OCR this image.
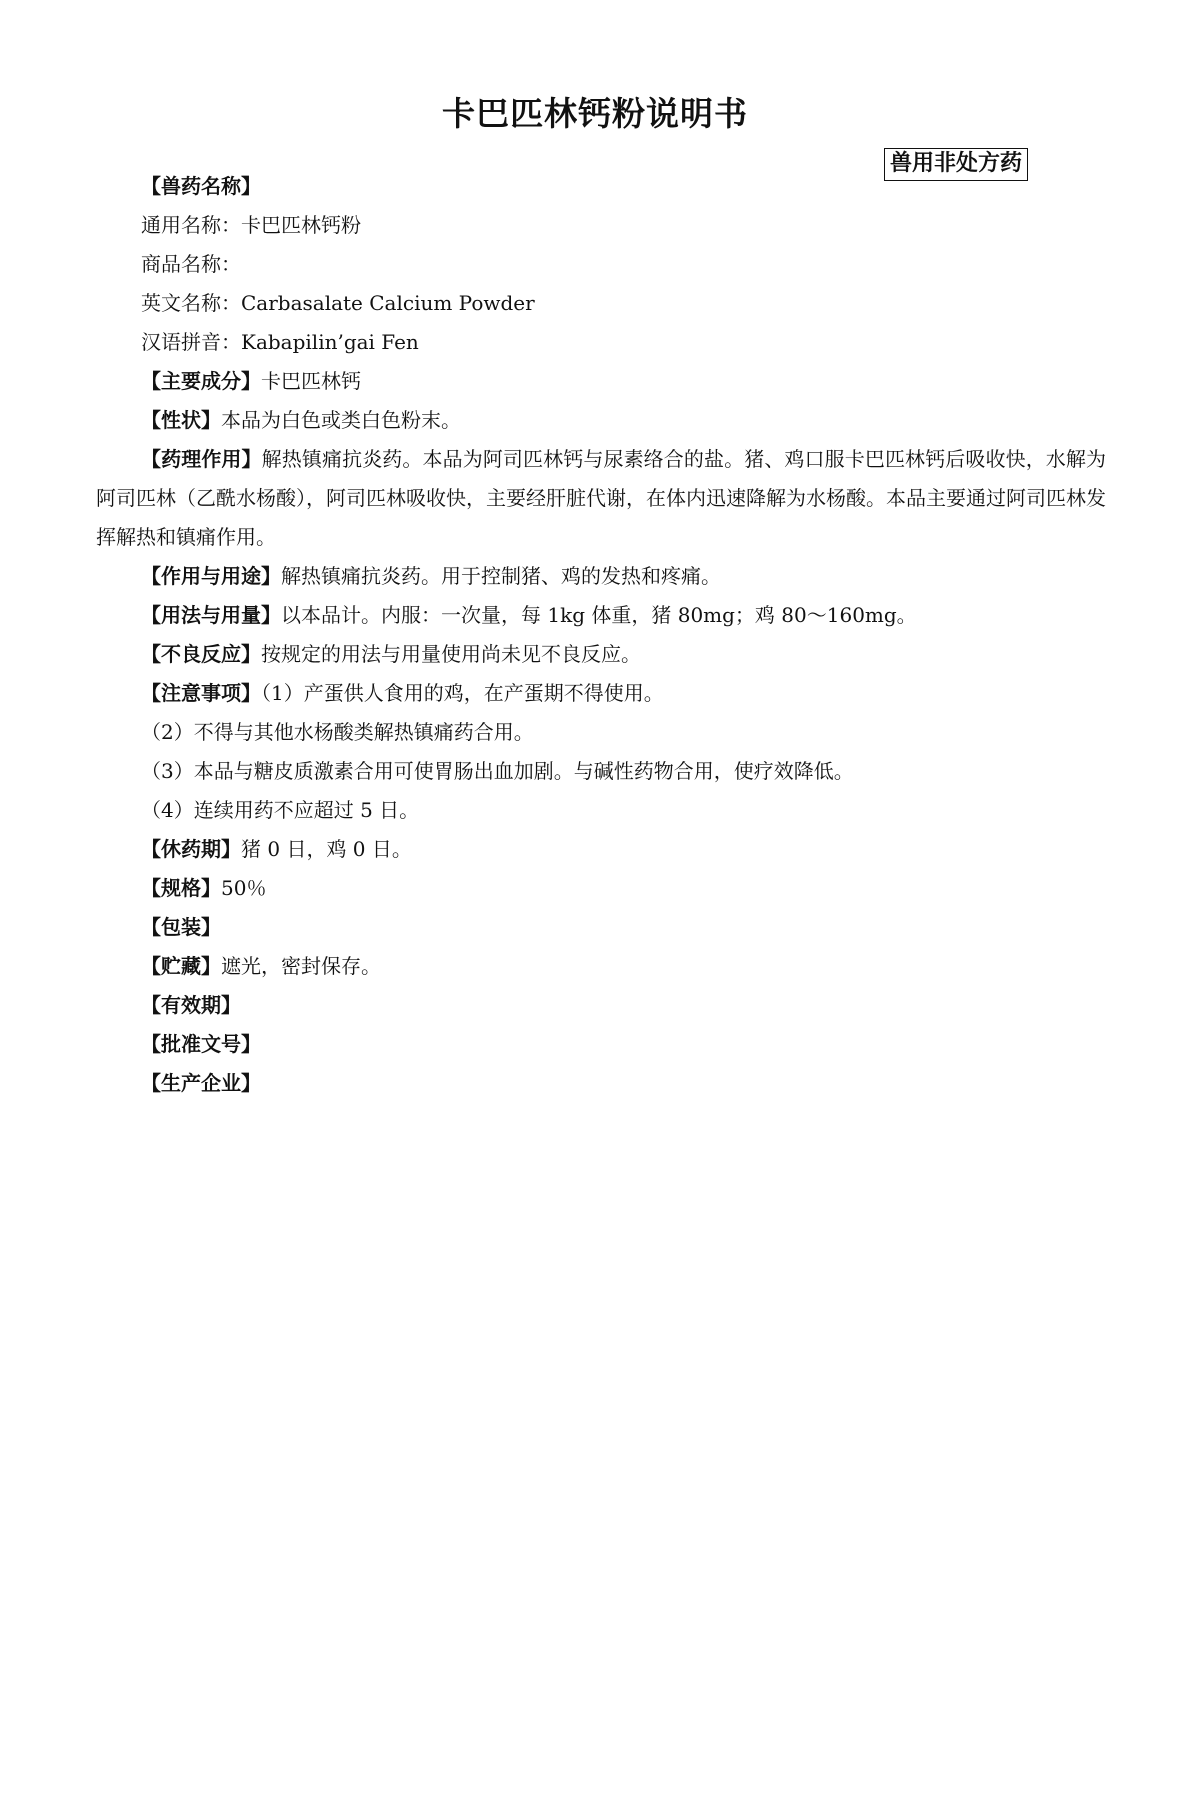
卡巴匹林钙粉说明书
兽用非处方药
【兽药名称】
通用名称：卡巴匹林钙粉
商品名称：
英文名称：Carbasalate Calcium Powder
汉语拼音：Kabapilin’gai Fen
【主要成分】卡巴匹林钙
【性状】本品为白色或类白色粉末。
【药理作用】解热镇痛抗炎药。本品为阿司匹林钙与尿素络合的盐。猪、鸡口服卡巴匹林钙后吸收快，水解为阿司匹林（乙酰水杨酸），阿司匹林吸收快，主要经肝脏代谢，在体内迅速降解为水杨酸。本品主要通过阿司匹林发挥解热和镇痛作用。
【作用与用途】解热镇痛抗炎药。用于控制猪、鸡的发热和疼痛。
【用法与用量】以本品计。内服：一次量，每 1kg 体重，猪 80mg；鸡 80～160mg。
【不良反应】按规定的用法与用量使用尚未见不良反应。
【注意事项】（1）产蛋供人食用的鸡，在产蛋期不得使用。
（2）不得与其他水杨酸类解热镇痛药合用。
（3）本品与糖皮质激素合用可使胃肠出血加剧。与碱性药物合用，使疗效降低。
（4）连续用药不应超过 5 日。
【休药期】猪 0 日，鸡 0 日。
【规格】50％
【包装】
【贮藏】遮光，密封保存。
【有效期】
【批准文号】
【生产企业】
